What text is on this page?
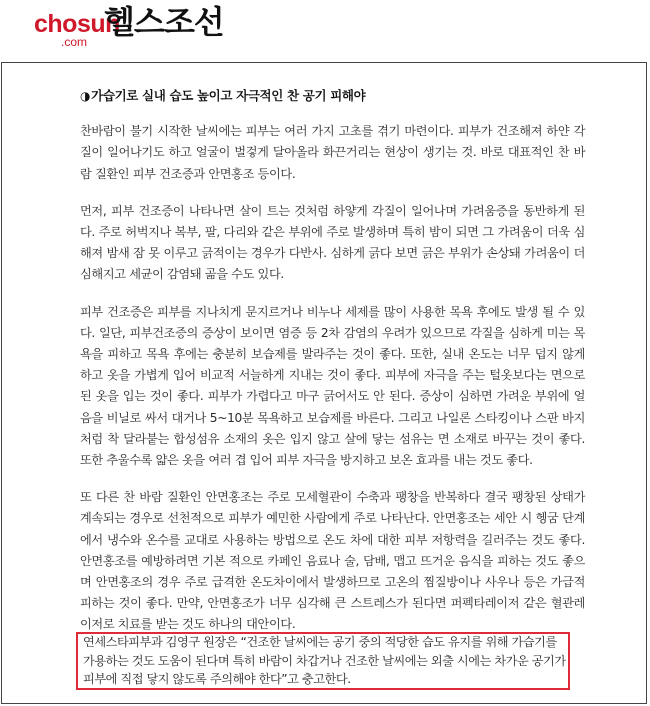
chosun
.com
헬스조선

◑가습기로 실내 습도 높이고 자극적인 찬 공기 피해야

찬바람이 불기 시작한 날씨에는 피부는 여러 가지 고초를 겪기 마련이다. 피부가 건조해져 하얀 각질이 일어나기도 하고 얼굴이 벌겋게 달아올라 화끈거리는 현상이 생기는 것. 바로 대표적인 찬 바람 질환인 피부 건조증과 안면홍조 등이다.

먼저, 피부 건조증이 나타나면 살이 트는 것처럼 하얗게 각질이 일어나며 가려움증을 동반하게 된다. 주로 허벅지나 복부, 팔, 다리와 같은 부위에 주로 발생하며 특히 밤이 되면 그 가려움이 더욱 심해져 밤새 잠 못 이루고 긁적이는 경우가 다반사. 심하게 긁다 보면 긁은 부위가 손상돼 가려움이 더 심해지고 세균이 감염돼 곪을 수도 있다.

피부 건조증은 피부를 지나치게 문지르거나 비누나 세제를 많이 사용한 목욕 후에도 발생 될 수 있다. 일단, 피부건조증의 증상이 보이면 염증 등 2차 감염의 우려가 있으므로 각질을 심하게 미는 목욕을 피하고 목욕 후에는 충분히 보습제를 발라주는 것이 좋다. 또한, 실내 온도는 너무 덥지 않게 하고 옷을 가볍게 입어 비교적 서늘하게 지내는 것이 좋다. 피부에 자극을 주는 털옷보다는 면으로 된 옷을 입는 것이 좋다. 피부가 가렵다고 마구 긁어서도 안 된다. 증상이 심하면 가려운 부위에 얼음을 비닐로 싸서 대거나 5~10분 목욕하고 보습제를 바른다. 그리고 나일론 스타킹이나 스판 바지처럼 착 달라붙는 합성섬유 소재의 옷은 입지 않고 살에 닿는 섬유는 면 소재로 바꾸는 것이 좋다. 또한 추울수록 얇은 옷을 여러 겹 입어 피부 자극을 방지하고 보온 효과를 내는 것도 좋다.

또 다른 찬 바람 질환인 안면홍조는 주로 모세혈관이 수축과 팽창을 반복하다 결국 팽창된 상태가 계속되는 경우로 선천적으로 피부가 예민한 사람에게 주로 나타난다. 안면홍조는 세안 시 헹굼 단계에서 냉수와 온수를 교대로 사용하는 방법으로 온도 차에 대한 피부 저항력을 길러주는 것도 좋다. 안면홍조를 예방하려면 기본 적으로 카페인 음료나 술, 담배, 맵고 뜨거운 음식을 피하는 것도 좋으며 안면홍조의 경우 주로 급격한 온도차이에서 발생하므로 고온의 찜질방이나 사우나 등은 가급적 피하는 것이 좋다. 만약, 안면홍조가 너무 심각해 큰 스트레스가 된다면 퍼펙타레이저 같은 혈관레이저로 치료를 받는 것도 하나의 대안이다.

연세스타피부과 김영구 원장은 “건조한 날씨에는 공기 중의 적당한 습도 유지를 위해 가습기를 가용하는 것도 도움이 된다며 특히 바람이 차갑거나 건조한 날씨에는 외출 시에는 차가운 공기가 피부에 직접 닿지 않도록 주의해야 한다”고 충고한다.
